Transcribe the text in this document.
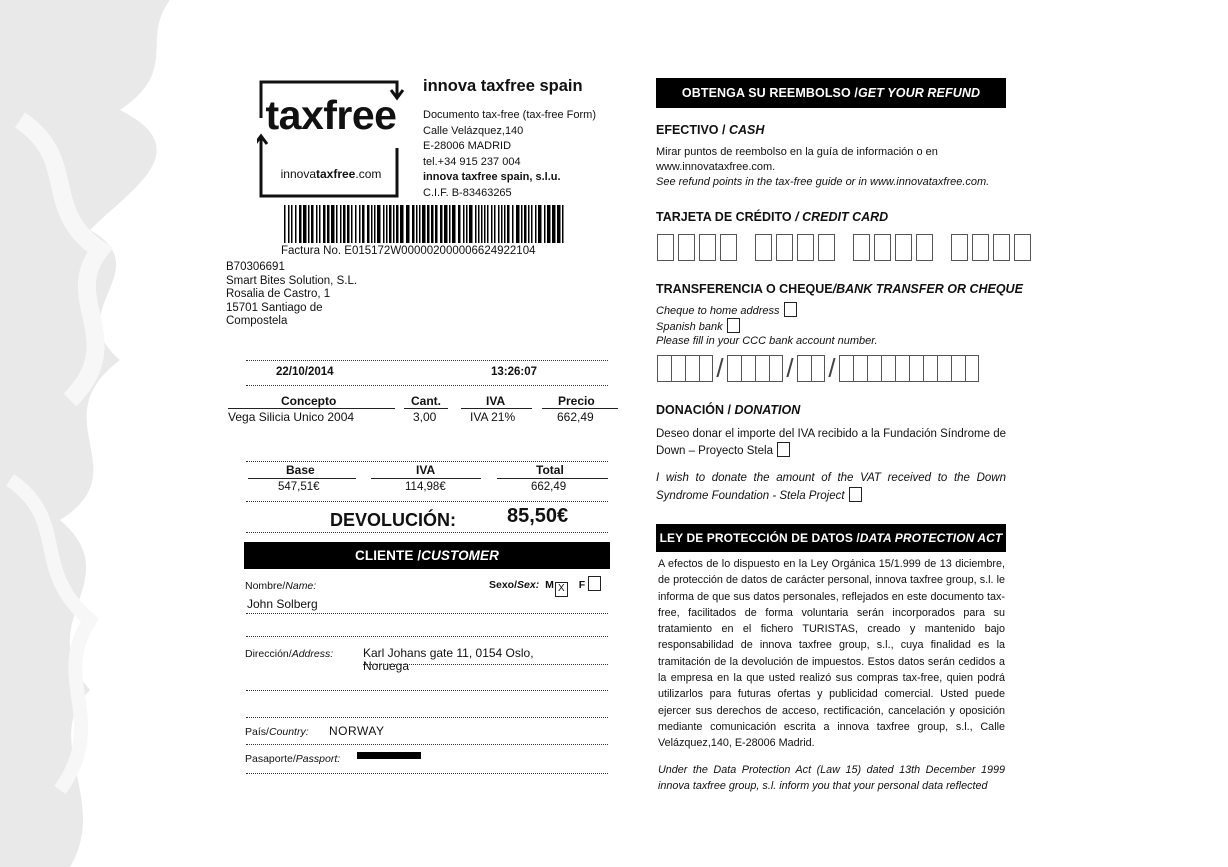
taxfree
innovataxfree.com
innova taxfree spain
Documento tax-free (tax-free Form)
Calle Velázquez,140
E-28006 MADRID
tel.+34 915 237 004
innova taxfree spain, s.l.u.
C.I.F. B-83463265
Factura No. E015172W000002000006624922104
B70306691
Smart Bites Solution, S.L.
Rosalia de Castro, 1
15701 Santiago de
Compostela
22/10/2014	13:26:07
Concepto	Cant.	IVA	Precio
Vega Silicia Unico 2004	3,00	IVA 21%	662,49
Base	IVA	Total
547,51€	114,98€	662,49
DEVOLUCIÓN:	85,50€
CLIENTE / CUSTOMER
Nombre/Name:	Sexo/Sex: M X F
John Solberg
Dirección/Address: Karl Johans gate 11, 0154 Oslo,
Noruega
País/Country: NORWAY
Pasaporte/Passport:
OBTENGA SU REEMBOLSO / GET YOUR REFUND
EFECTIVO / CASH
Mirar puntos de reembolso en la guía de información o en
www.innovataxfree.com.
See refund points in the tax-free guide or in www.innovataxfree.com.
TARJETA DE CRÉDITO / CREDIT CARD
TRANSFERENCIA O CHEQUE/BANK TRANSFER OR CHEQUE
Cheque to home address
Spanish bank
Please fill in your CCC bank account number.
/ / /
DONACIÓN / DONATION
Deseo donar el importe del IVA recibido a la Fundación Síndrome de Down – Proyecto Stela
I wish to donate the amount of the VAT received to the Down Syndrome Foundation - Stela Project
LEY DE PROTECCIÓN DE DATOS / DATA PROTECTION ACT
A efectos de lo dispuesto en la Ley Orgánica 15/1.999 de 13 diciembre, de protección de datos de carácter personal, innova taxfree group, s.l. le informa de que sus datos personales, reflejados en este documento tax-free, facilitados de forma voluntaria serán incorporados para su tratamiento en el fichero TURISTAS, creado y mantenido bajo responsabilidad de innova taxfree group, s.l., cuya finalidad es la tramitación de la devolución de impuestos. Estos datos serán cedidos a la empresa en la que usted realizó sus compras tax-free, quien podrá utilizarlos para futuras ofertas y publicidad comercial. Usted puede ejercer sus derechos de acceso, rectificación, cancelación y oposición mediante comunicación escrita a innova taxfree group, s.l., Calle Velázquez,140, E-28006 Madrid.
Under the Data Protection Act (Law 15) dated 13th December 1999 innova taxfree group, s.l. inform you that your personal data reflected
